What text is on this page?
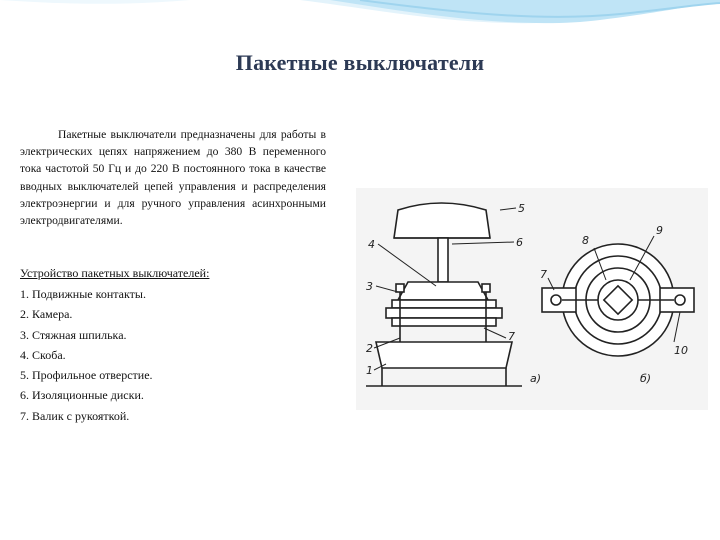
Пакетные выключатели
Пакетные выключатели предназначены для работы в электрических цепях напряжением до 380 В переменного тока частотой 50 Гц и до 220 В постоянного тока в качестве вводных выключателей цепей управления и распределения электроэнергии и для ручного управления асинхронными электродвигателями.
Устройство пакетных выключателей:
1. Подвижные контакты.
2. Камера.
3. Стяжная шпилька.
4. Скоба.
5. Профильное отверстие.
6. Изоляционные диски.
7. Валик с рукояткой.
5
6
4
3
2
1
7
а)
8
9
7
10
б)
